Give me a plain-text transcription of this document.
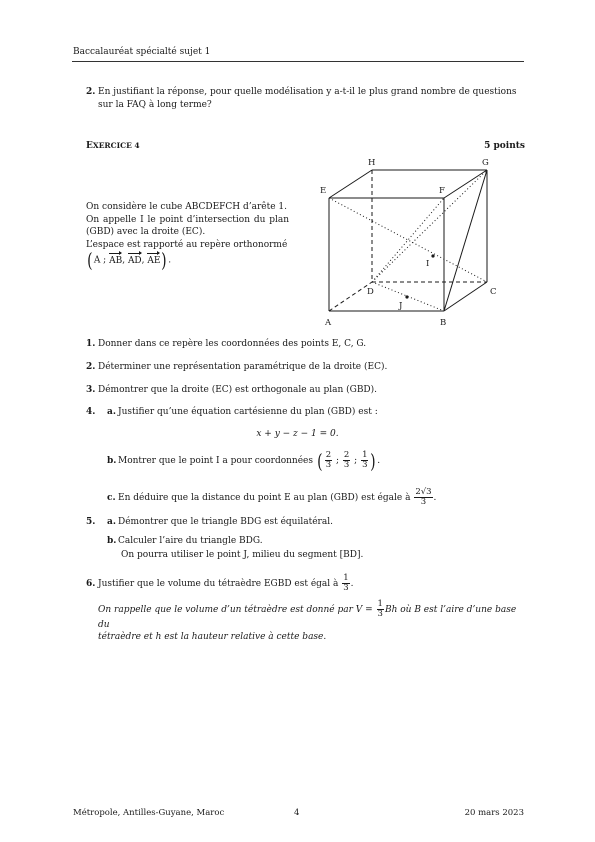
Baccalauréat spécialté sujet 1
2. En justifiant la réponse, pour quelle modélisation y a-t-il le plus grand nombre de questions sur la FAQ à long terme?
EXERCICE 4	5 points
On considère le cube ABCDEFCH d’arête 1.
On appelle I le point d’intersection du plan (GBD) avec la droite (EC).
L’espace est rapporté au repère orthonormé
(A ; AB, AD, AE).
H	G
E	F
I
D	C
J
A	B
1. Donner dans ce repère les coordonnées des points E, C, G.
2. Déterminer une représentation paramétrique de la droite (EC).
3. Démontrer que la droite (EC) est orthogonale au plan (GBD).
4. a. Justifier qu’une équation cartésienne du plan (GBD) est :
x + y − z − 1 = 0.
b. Montrer que le point I a pour coordonnées ( $\frac{2}{3}$ ; $\frac{2}{3}$ ; $\frac{1}{3}$ ).
c. En déduire que la distance du point E au plan (GBD) est égale à $\frac{2√3}{3}$ .
5. a. Démontrer que le triangle BDG est équilatéral.
b. Calculer l’aire du triangle BDG.
On pourra utiliser le point J, milieu du segment [BD].
6. Justifier que le volume du tétraèdre EGBD est égal à $\frac{1}{3}$ .
On rappelle que le volume d’un tétraèdre est donné par $V = \frac{1}{3}$ Bh où B est l’aire d’une base du
tétraèdre et h est la hauteur relative à cette base.
Métropole, Antilles-Guyane, Maroc	4	20 mars 2023
